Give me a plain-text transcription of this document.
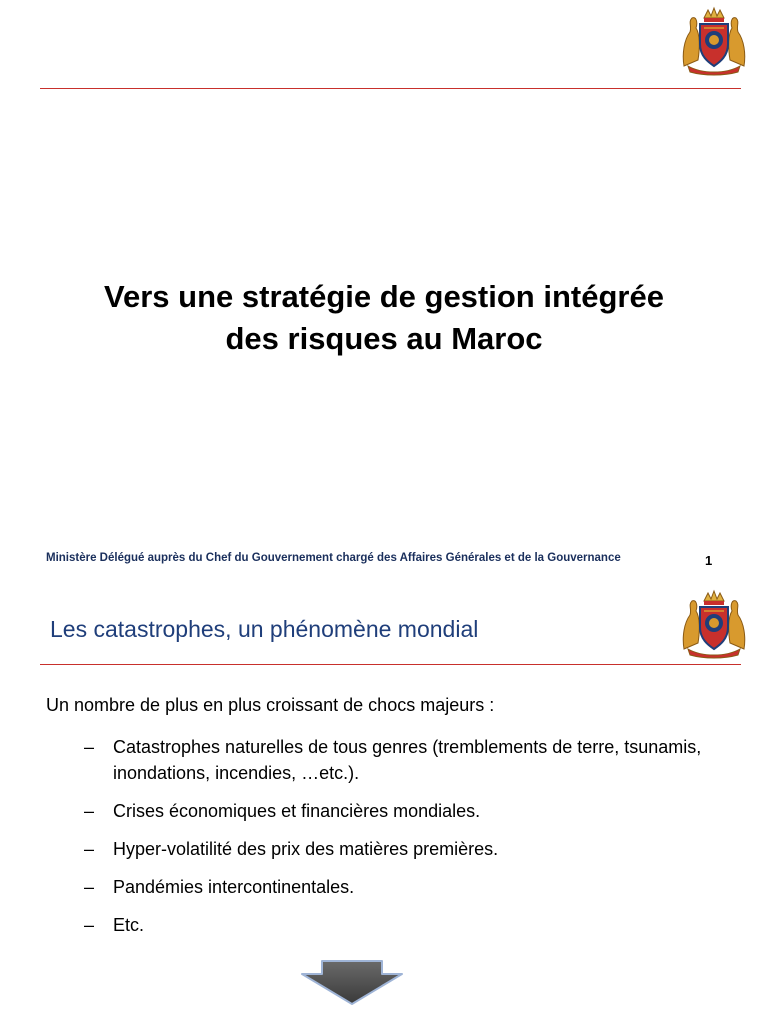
Vers une stratégie de gestion intégrée
des risques au Maroc
Ministère Délégué auprès du Chef du Gouvernement chargé des Affaires Générales et de la Gouvernance	1
Les catastrophes, un phénomène mondial
Un nombre de plus en plus croissant de chocs majeurs :
– Catastrophes naturelles de tous genres (tremblements de terre, tsunamis, inondations, incendies, …etc.).
– Crises économiques et financières mondiales.
– Hyper-volatilité des prix des matières premières.
– Pandémies intercontinentales.
– Etc.
